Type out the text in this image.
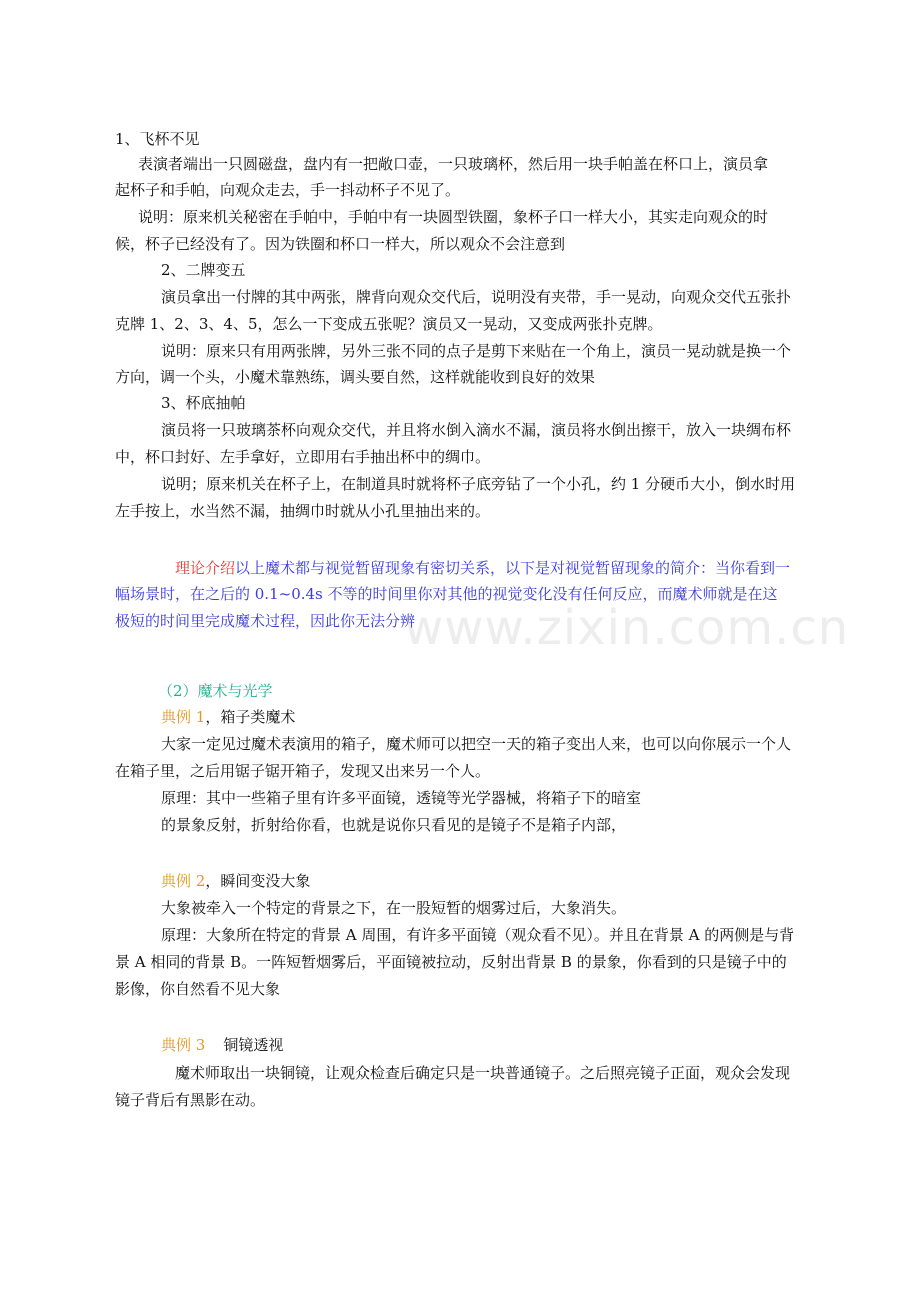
www.zixin.com.cn
1、飞杯不见
表演者端出一只圆磁盘，盘内有一把敞口壶，一只玻璃杯，然后用一块手帕盖在杯口上，演员拿
起杯子和手帕，向观众走去，手一抖动杯子不见了。
说明：原来机关秘密在手帕中，手帕中有一块圆型铁圈，象杯子口一样大小，其实走向观众的时
候，杯子已经没有了。因为铁圈和杯口一样大，所以观众不会注意到
2、二牌变五
演员拿出一付牌的其中两张，牌背向观众交代后，说明没有夹带，手一晃动，向观众交代五张扑
克牌 1、2、3、4、5，怎么一下变成五张呢？演员又一晃动，又变成两张扑克牌。
说明：原来只有用两张牌，另外三张不同的点子是剪下来贴在一个角上，演员一晃动就是换一个
方向，调一个头，小魔术靠熟练，调头要自然，这样就能收到良好的效果
3、杯底抽帕
演员将一只玻璃茶杯向观众交代，并且将水倒入滴水不漏，演员将水倒出擦干，放入一块绸布杯
中，杯口封好、左手拿好，立即用右手抽出杯中的绸巾。
说明；原来机关在杯子上，在制道具时就将杯子底旁钻了一个小孔，约 1 分硬币大小，倒水时用
左手按上，水当然不漏，抽绸巾时就从小孔里抽出来的。
理论介绍以上魔术都与视觉暂留现象有密切关系，以下是对视觉暂留现象的简介：当你看到一
幅场景时，在之后的 0.1~0.4s 不等的时间里你对其他的视觉变化没有任何反应，而魔术师就是在这
极短的时间里完成魔术过程，因此你无法分辨
（2）魔术与光学
典例 1，箱子类魔术
大家一定见过魔术表演用的箱子，魔术师可以把空一天的箱子变出人来，也可以向你展示一个人
在箱子里，之后用锯子锯开箱子，发现又出来另一个人。
原理：其中一些箱子里有许多平面镜，透镜等光学器械，将箱子下的暗室
的景象反射，折射给你看，也就是说你只看见的是镜子不是箱子内部，
典例 2，瞬间变没大象
大象被牵入一个特定的背景之下，在一股短暂的烟雾过后，大象消失。
原理：大象所在特定的背景 A 周围，有许多平面镜（观众看不见）。并且在背景 A 的两侧是与背
景 A 相同的背景 B。一阵短暂烟雾后，平面镜被拉动，反射出背景 B 的景象，你看到的只是镜子中的
影像，你自然看不见大象
典例 3 铜镜透视
魔术师取出一块铜镜，让观众检查后确定只是一块普通镜子。之后照亮镜子正面，观众会发现
镜子背后有黑影在动。
